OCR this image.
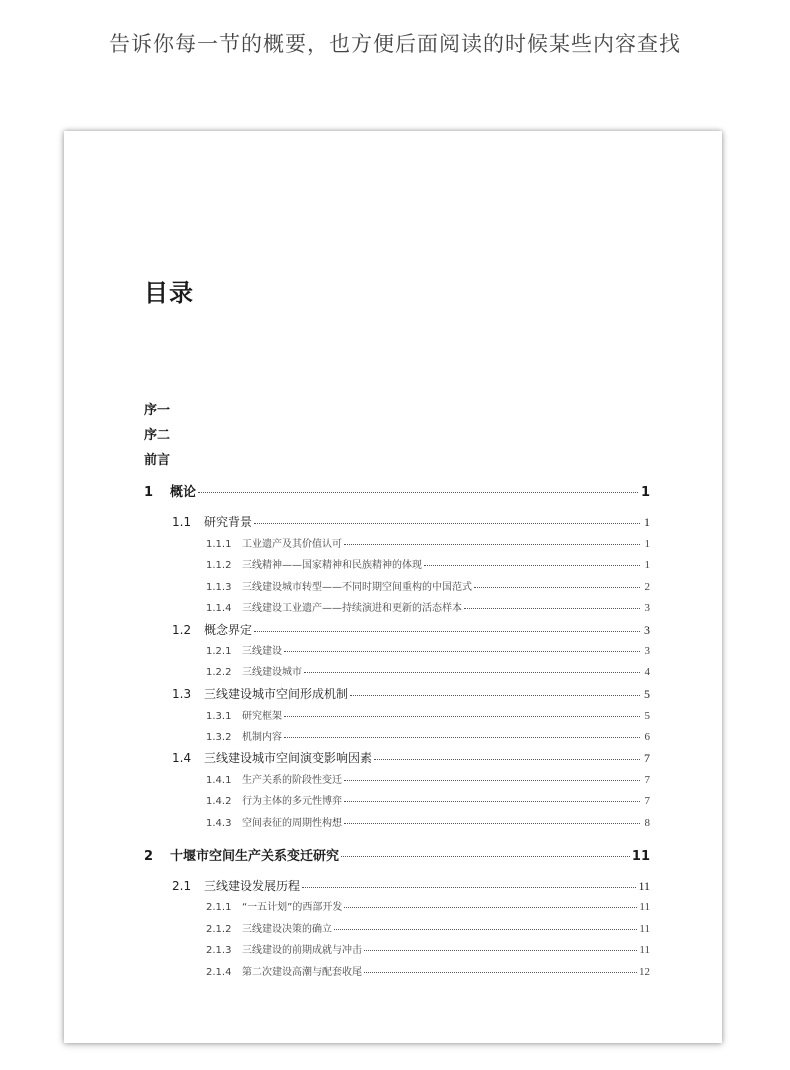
告诉你每一节的概要，也方便后面阅读的时候某些内容查找
目录
序一
序二
前言
1	概论	1
1.1	研究背景	1
1.1.1	工业遗产及其价值认可	1
1.1.2	三线精神——国家精神和民族精神的体现	1
1.1.3	三线建设城市转型——不同时期空间重构的中国范式	2
1.1.4	三线建设工业遗产——持续演进和更新的活态样本	3
1.2	概念界定	3
1.2.1	三线建设	3
1.2.2	三线建设城市	4
1.3	三线建设城市空间形成机制	5
1.3.1	研究框架	5
1.3.2	机制内容	6
1.4	三线建设城市空间演变影响因素	7
1.4.1	生产关系的阶段性变迁	7
1.4.2	行为主体的多元性博弈	7
1.4.3	空间表征的周期性构想	8
2	十堰市空间生产关系变迁研究	11
2.1	三线建设发展历程	11
2.1.1	“一五计划”的西部开发	11
2.1.2	三线建设决策的确立	11
2.1.3	三线建设的前期成就与冲击	11
2.1.4	第二次建设高潮与配套收尾	12
